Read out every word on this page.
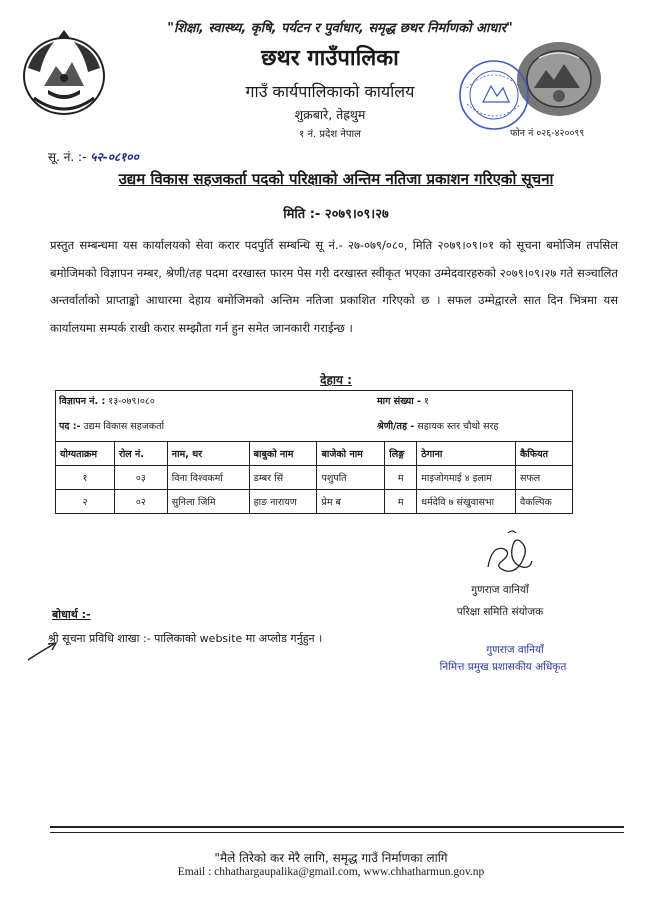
"शिक्षा, स्वास्थ्य, कृषि, पर्यटन र पुर्वाधार, समृद्ध छथर निर्माणको आधार"
छथर गाउँपालिका
गाउँ कार्यपालिकाको कार्यालय
शुक्रबारे, तेह्रथुम
१ नं. प्रदेश नेपाल	फोन नं ०२६-४२००९९
सू. नं. :- ५२-०८१००
उद्यम विकास सहजकर्ता पदको परिक्षाको अन्तिम नतिजा प्रकाशन गरिएको सूचना
मिति :- २०७९।०९।२७
प्रस्तुत सम्बन्धमा यस कार्यालयको सेवा करार पदपुर्ति सम्बन्धि सू नं.- २७-०७९/०८०, मिति २०७९।०९।०१ को सूचना बमोजिम तपसिल बमोजिमको विज्ञापन नम्बर, श्रेणी/तह पदमा दरखास्त फारम पेस गरी दरखास्त स्वीकृत भएका उम्मेदवारहरुको २०७९।०९।२७ गते सञ्चालित अन्तर्वार्ताको प्राप्ताङ्को आधारमा देहाय बमोजिमको अन्तिम नतिजा प्रकाशित गरिएको छ । सफल उम्मेद्वारले सात दिन भित्रमा यस कार्यालयमा सम्पर्क राखी करार सम्झौता गर्न हुन समेत जानकारी गराईन्छ ।
देहाय :
विज्ञापन नं. : १३-०७९।०८०	माग संख्या - १
पद :- उद्यम विकास सहजकर्ता	श्रेणी/तह - सहायक स्तर चौथो सरह
योग्यताक्रम	रोल नं.	नाम, थर	बाबुको नाम	बाजेको नाम	लिङ्ग	ठेगाना	कैफियत
१	०३	विना विश्वकर्मा	डम्बर सिं	पशुपति	म	माइजोगमाई ४ इलाम	सफल
२	०२	सुनिला जिमि	हाङ नारायण	प्रेम ब	म	धर्मदेवि ७ संखुवासभा	वैकल्पिक
गुणराज वानियाँ
परिक्षा समिति संयोजक
गुणराज वानियाँ
निमित्त प्रमुख प्रशासकीय अधिकृत
बोधार्थ :-
श्री सूचना प्रविधि शाखा :- पालिकाको website मा अप्लोड गर्नुहुन ।
"मैले तिरेको कर मेरै लागि, समृद्ध गाउँ निर्माणका लागि
Email : chhathargaupalika@gmail.com, www.chhatharmun.gov.np
